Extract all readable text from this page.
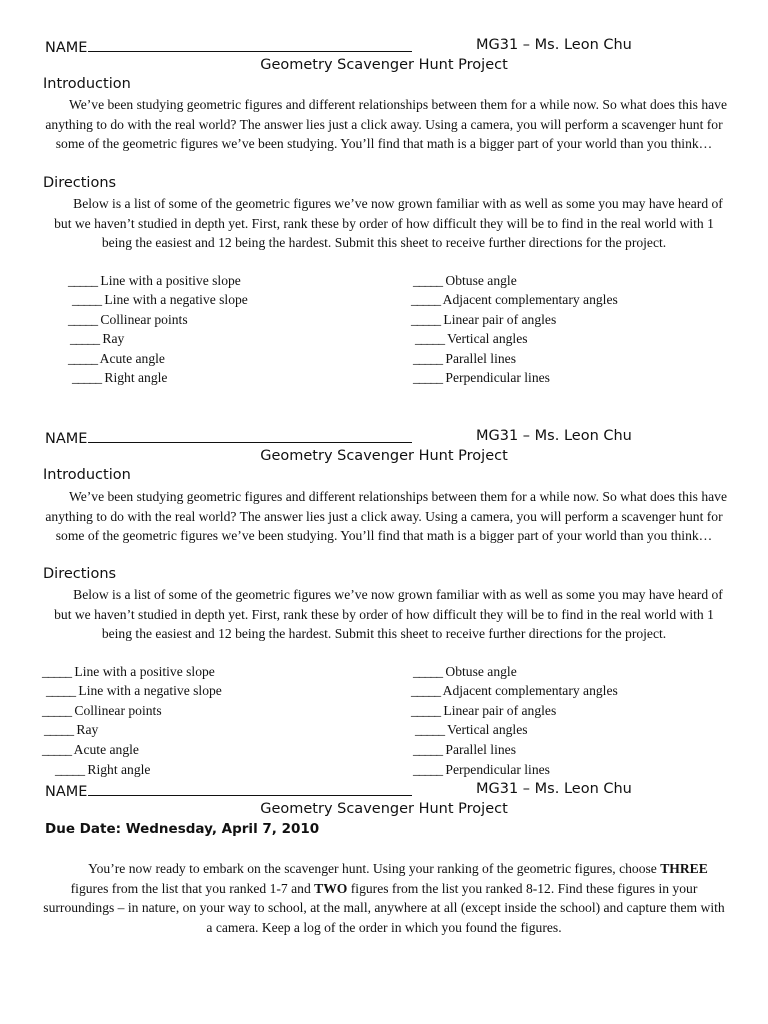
NAME	MG31 – Ms. Leon Chu
Geometry Scavenger Hunt Project
Introduction

We’ve been studying geometric figures and different relationships between them for a while now. So what does this have anything to do with the real world? The answer lies just a click away. Using a camera, you will perform a scavenger hunt for some of the geometric figures we’ve been studying. You’ll find that math is a bigger part of your world than you think…

Directions

Below is a list of some of the geometric figures we’ve now grown familiar with as well as some you may have heard of but we haven’t studied in depth yet. First, rank these by order of how difficult they will be to find in the real world with 1 being the easiest and 12 being the hardest. Submit this sheet to receive further directions for the project.

_____ Line with a positive slope
_____ Line with a negative slope
_____ Collinear points
_____ Ray
_____ Acute angle
_____ Right angle
_____ Obtuse angle
_____ Adjacent complementary angles
_____ Linear pair of angles
_____ Vertical angles
_____ Parallel lines
_____ Perpendicular lines
NAME	MG31 – Ms. Leon Chu
Geometry Scavenger Hunt Project
Introduction

We’ve been studying geometric figures and different relationships between them for a while now. So what does this have anything to do with the real world? The answer lies just a click away. Using a camera, you will perform a scavenger hunt for some of the geometric figures we’ve been studying. You’ll find that math is a bigger part of your world than you think…

Directions

Below is a list of some of the geometric figures we’ve now grown familiar with as well as some you may have heard of but we haven’t studied in depth yet. First, rank these by order of how difficult they will be to find in the real world with 1 being the easiest and 12 being the hardest. Submit this sheet to receive further directions for the project.

_____ Line with a positive slope
_____ Line with a negative slope
_____ Collinear points
_____ Ray
_____ Acute angle
_____ Right angle
_____ Obtuse angle
_____ Adjacent complementary angles
_____ Linear pair of angles
_____ Vertical angles
_____ Parallel lines
_____ Perpendicular lines
NAME	MG31 – Ms. Leon Chu
Geometry Scavenger Hunt Project
Due Date: Wednesday, April 7, 2010

You’re now ready to embark on the scavenger hunt. Using your ranking of the geometric figures, choose THREE figures from the list that you ranked 1-7 and TWO figures from the list you ranked 8-12. Find these figures in your surroundings – in nature, on your way to school, at the mall, anywhere at all (except inside the school) and capture them with a camera. Keep a log of the order in which you found the figures.
